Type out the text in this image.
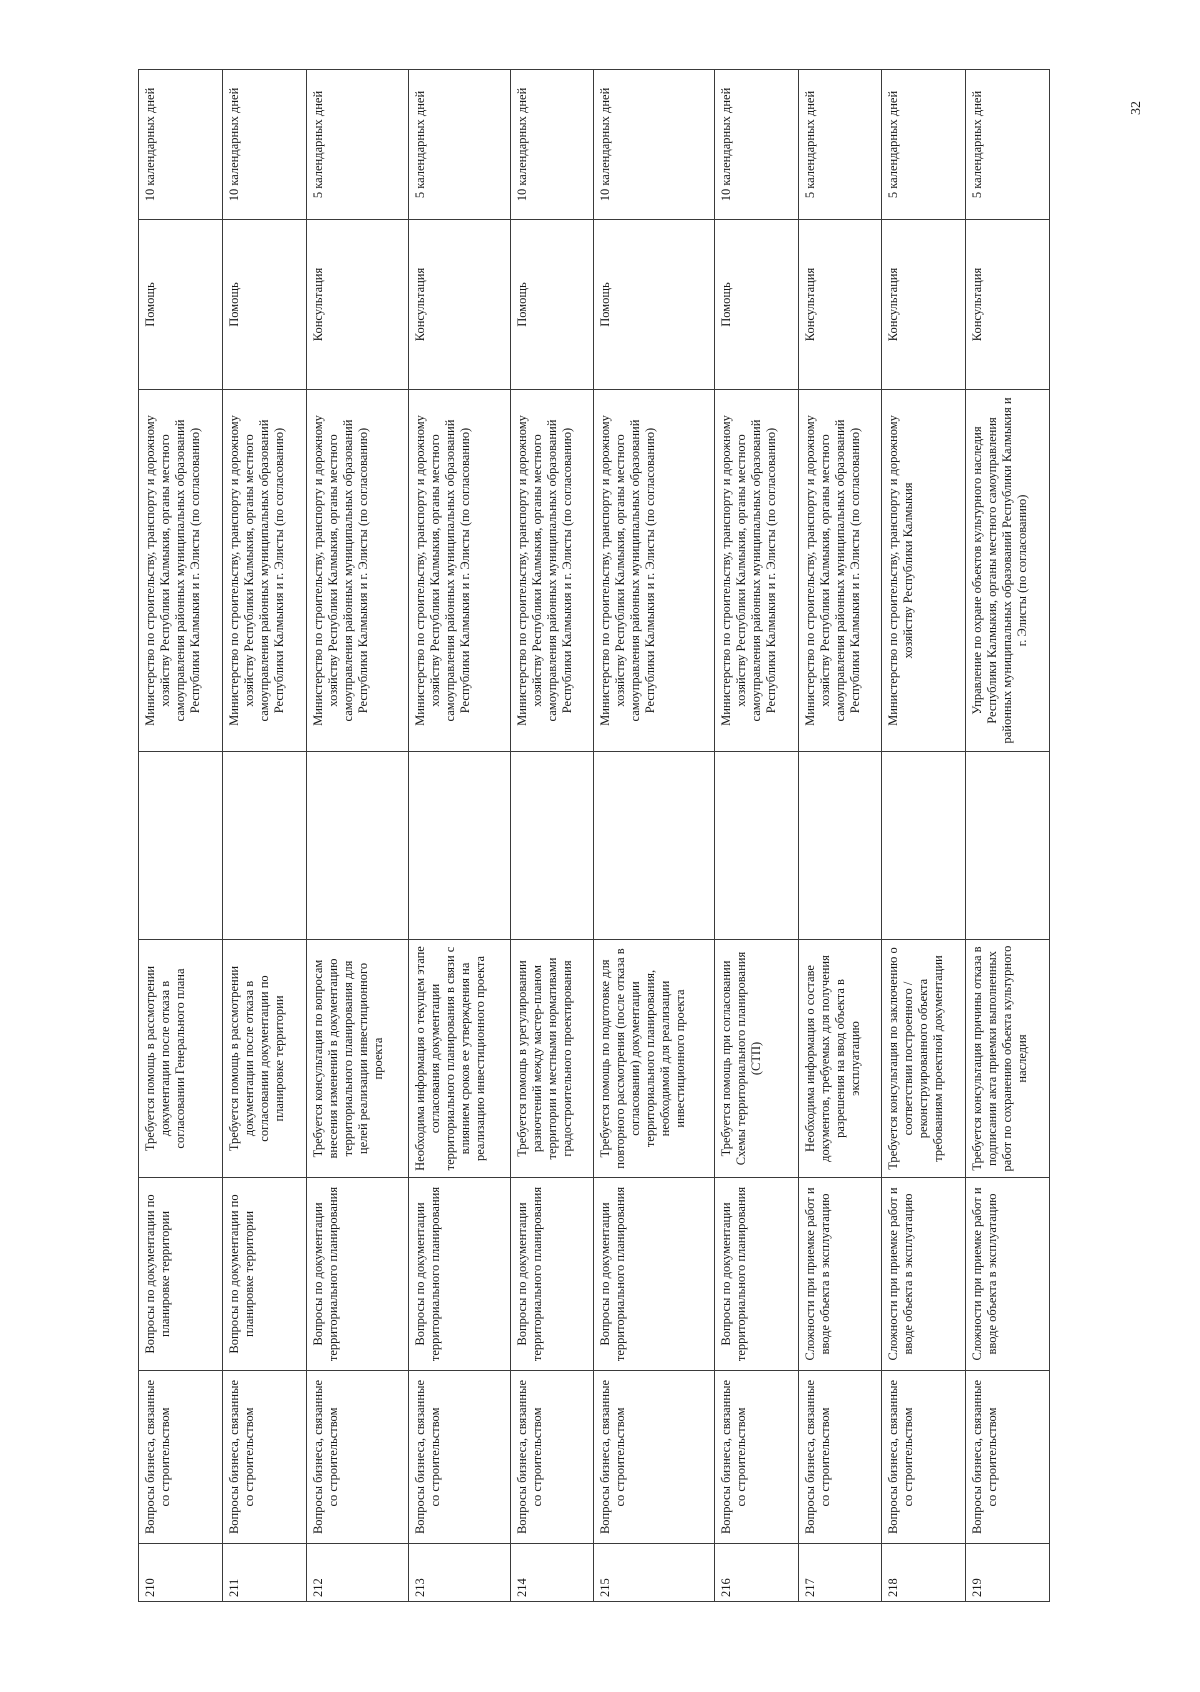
210	Вопросы бизнеса, связанные со строительством	Вопросы по документации по планировке территории	Требуется помощь в рассмотрении документации после отказа в согласовании Генерального плана		Министерство по строительству, транспорту и дорожному хозяйству Республики Калмыкия, органы местного самоуправления районных муниципальных образований Республики Калмыкия и г. Элисты (по согласованию)	Помощь	10 календарных дней
211	Вопросы бизнеса, связанные со строительством	Вопросы по документации по планировке территории	Требуется помощь в рассмотрении документации после отказа в согласовании документации по планировке территории		Министерство по строительству, транспорту и дорожному хозяйству Республики Калмыкия, органы местного самоуправления районных муниципальных образований Республики Калмыкия и г. Элисты (по согласованию)	Помощь	10 календарных дней
212	Вопросы бизнеса, связанные со строительством	Вопросы по документации территориального планирования	Требуется консультация по вопросам внесения изменений в документацию территориального планирования для целей реализации инвестиционного проекта		Министерство по строительству, транспорту и дорожному хозяйству Республики Калмыкия, органы местного самоуправления районных муниципальных образований Республики Калмыкия и г. Элисты (по согласованию)	Консультация	5 календарных дней
213	Вопросы бизнеса, связанные со строительством	Вопросы по документации территориального планирования	Необходима информация о текущем этапе согласования документации территориального планирования в связи с влиянием сроков ее утверждения на реализацию инвестиционного проекта		Министерство по строительству, транспорту и дорожному хозяйству Республики Калмыкия, органы местного самоуправления районных муниципальных образований Республики Калмыкия и г. Элисты (по согласованию)	Консультация	5 календарных дней
214	Вопросы бизнеса, связанные со строительством	Вопросы по документации территориального планирования	Требуется помощь в урегулировании разночтений между мастер-планом территории и местными нормативами градостроительного проектирования		Министерство по строительству, транспорту и дорожному хозяйству Республики Калмыкия, органы местного самоуправления районных муниципальных образований Республики Калмыкия и г. Элисты (по согласованию)	Помощь	10 календарных дней
215	Вопросы бизнеса, связанные со строительством	Вопросы по документации территориального планирования	Требуется помощь по подготовке для повторного рассмотрения (после отказа в согласовании) документации территориального планирования, необходимой для реализации инвестиционного проекта		Министерство по строительству, транспорту и дорожному хозяйству Республики Калмыкия, органы местного самоуправления районных муниципальных образований Республики Калмыкия и г. Элисты (по согласованию)	Помощь	10 календарных дней
216	Вопросы бизнеса, связанные со строительством	Вопросы по документации территориального планирования	Требуется помощь при согласовании Схемы территориального планирования (СТП)		Министерство по строительству, транспорту и дорожному хозяйству Республики Калмыкия, органы местного самоуправления районных муниципальных образований Республики Калмыкия и г. Элисты (по согласованию)	Помощь	10 календарных дней
217	Вопросы бизнеса, связанные со строительством	Сложности при приемке работ и вводе объекта в эксплуатацию	Необходима информация о составе документов, требуемых для получения разрешения на ввод объекта в эксплуатацию		Министерство по строительству, транспорту и дорожному хозяйству Республики Калмыкия, органы местного самоуправления районных муниципальных образований Республики Калмыкия и г. Элисты (по согласованию)	Консультация	5 календарных дней
218	Вопросы бизнеса, связанные со строительством	Сложности при приемке работ и вводе объекта в эксплуатацию	Требуется консультация по заключению о соответствии построенного / реконструированного объекта требованиям проектной документации		Министерство по строительству, транспорту и дорожному хозяйству Республики Калмыкия	Консультация	5 календарных дней
219	Вопросы бизнеса, связанные со строительством	Сложности при приемке работ и вводе объекта в эксплуатацию	Требуется консультация причины отказа в подписании акта приемки выполненных работ по сохранению объекта культурного наследия		Управление по охране объектов культурного наследия Республики Калмыкия, органы местного самоуправления районных муниципальных образований Республики Калмыкия и г. Элисты (по согласованию)	Консультация	5 календарных дней	32
